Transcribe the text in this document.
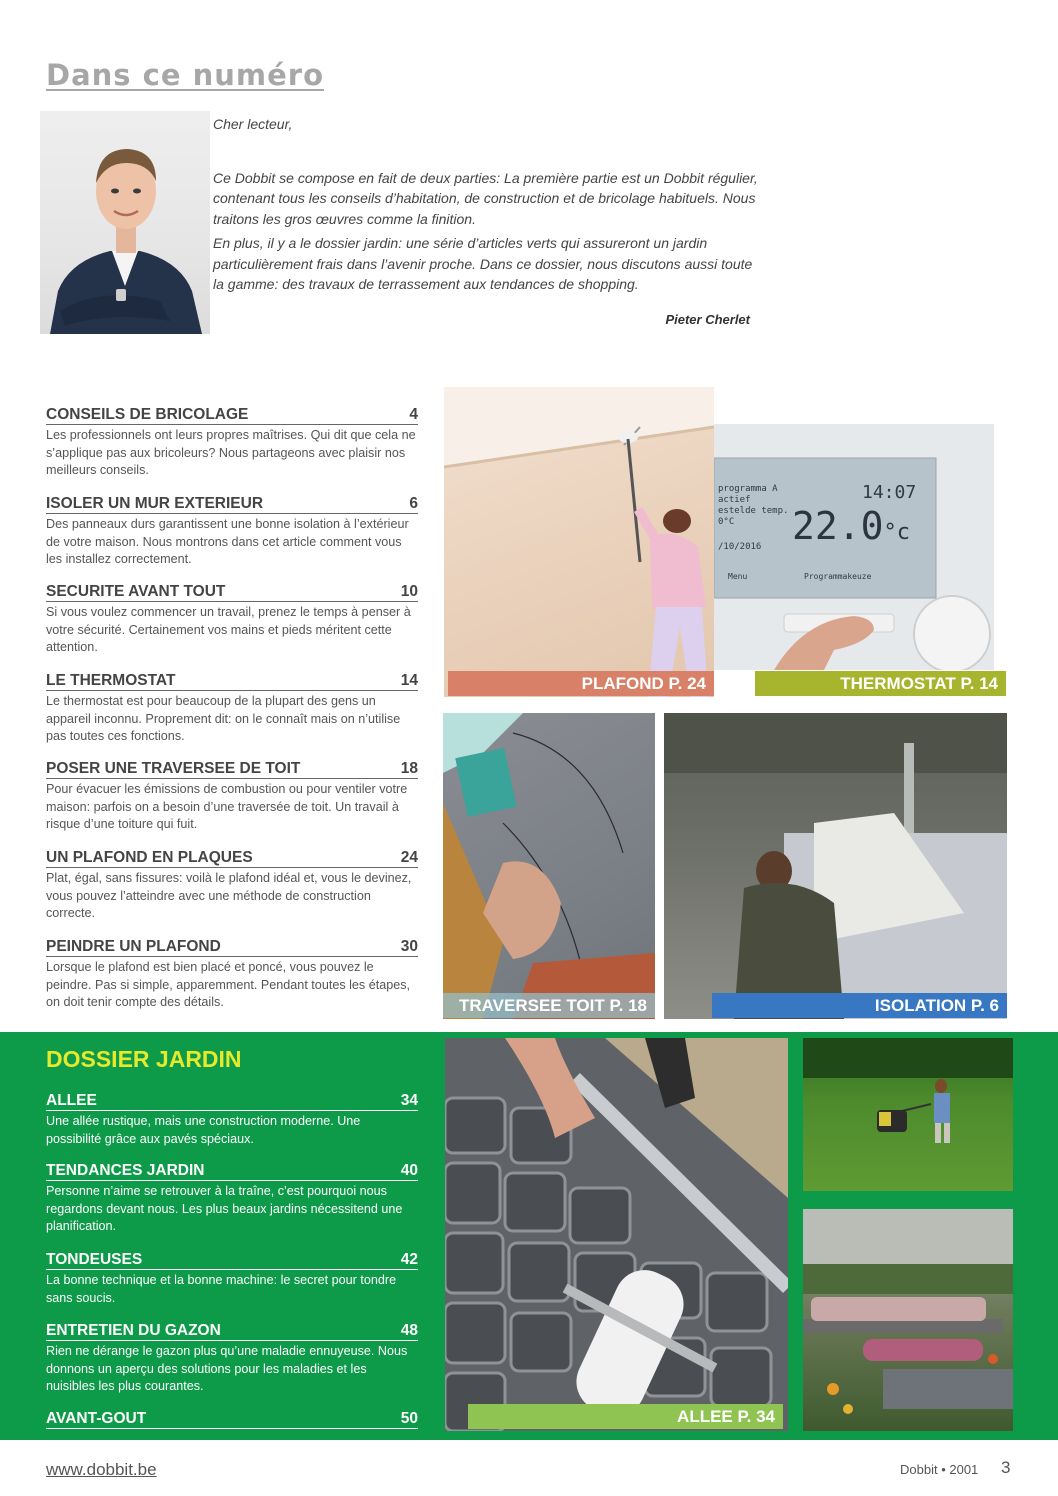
Dans ce numéro

Cher lecteur,

Ce Dobbit se compose en fait de deux parties: La première partie est un Dobbit régulier, contenant tous les conseils d’habitation, de construction et de bricolage habituels. Nous traitons les gros œuvres comme la finition.

En plus, il y a le dossier jardin: une série d’articles verts qui assureront un jardin particulièrement frais dans l’avenir proche. Dans ce dossier, nous discutons aussi toute la gamme: des travaux de terrassement aux tendances de shopping.

Pieter Cherlet
CONSEILS DE BRICOLAGE	4
Les professionnels ont leurs propres maîtrises. Qui dit que cela ne s’applique pas aux bricoleurs? Nous partageons avec plaisir nos meilleurs conseils.
ISOLER UN MUR EXTERIEUR	6
Des panneaux durs garantissent une bonne isolation à l’extérieur de votre maison. Nous montrons dans cet article comment vous les installez correctement.
SECURITE AVANT TOUT	10
Si vous voulez commencer un travail, prenez le temps à penser à votre sécurité. Certainement vos mains et pieds méritent cette attention.
LE THERMOSTAT	14
Le thermostat est pour beaucoup de la plupart des gens un appareil inconnu. Proprement dit: on le connaît mais on n’utilise pas toutes ces fonctions.
POSER UNE TRAVERSEE DE TOIT	18
Pour évacuer les émissions de combustion ou pour ventiler votre maison: parfois on a besoin d’une traversée de toit. Un travail à risque d’une toiture qui fuit.
UN PLAFOND EN PLAQUES	24
Plat, égal, sans fissures: voilà le plafond idéal et, vous le devinez, vous pouvez l’atteindre avec une méthode de construction correcte.
PEINDRE UN PLAFOND	30
Lorsque le plafond est bien placé et poncé, vous pouvez le peindre. Pas si simple, apparemment. Pendant toutes les étapes, on doit tenir compte des détails.
PLAFOND P. 24
programma A
actief
estelde temp.
0°C
14:07
22.0°c
/10/2016
Menu	Programmakeuze
THERMOSTAT P. 14
TRAVERSEE TOIT P. 18	ISOLATION P. 6
DOSSIER JARDIN
ALLEE	34
Une allée rustique, mais une construction moderne. Une possibilité grâce aux pavés spéciaux.
TENDANCES JARDIN	40
Personne n’aime se retrouver à la traîne, c’est pourquoi nous regardons devant nous. Les plus beaux jardins nécessitend une planification.
TONDEUSES	42
La bonne technique et la bonne machine: le secret pour tondre sans soucis.
ENTRETIEN DU GAZON	48
Rien ne dérange le gazon plus qu’une maladie ennuyeuse. Nous donnons un aperçu des solutions pour les maladies et les nuisibles les plus courantes.
AVANT-GOUT	50	ALLEE P. 34
www.dobbit.be	Dobbit • 2001 3
